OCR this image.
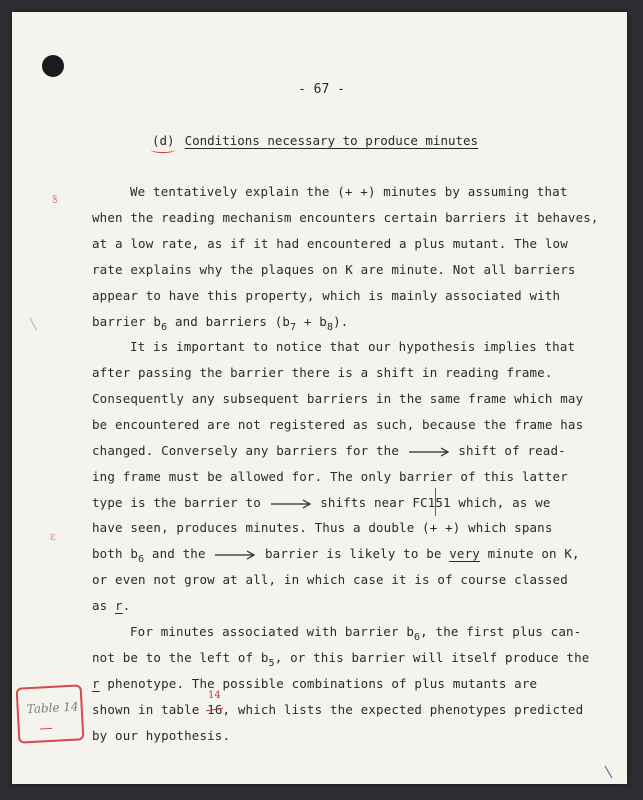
- 67 -
(d) Conditions necessary to produce minutes
We tentatively explain the (+ +) minutes by assuming that
when the reading mechanism encounters certain barriers it behaves,
at a low rate, as if it had encountered a plus mutant. The low
rate explains why the plaques on K are minute. Not all barriers
appear to have this property, which is mainly associated with
barrier $b_6$ and barriers $(b_7 + b_8)$.
It is important to notice that our hypothesis implies that
after passing the barrier there is a shift in reading frame.
Consequently any subsequent barriers in the same frame which may
be encountered are not registered as such, because the frame has
changed. Conversely any barriers for the	shift of read-
ing frame must be allowed for. The only barrier of this latter
type is the barrier to	shifts near FC151 which, as we
have seen, produces minutes. Thus a double (+ +) which spans
both $b_6$ and the	barrier is likely to be very minute on K,
or even not grow at all, in which case it is of course classed
as r.
For minutes associated with barrier $b_6$, the first plus can-
not be to the left of $b_5$, or this barrier will itself produce the
r phenotype. The possible combinations of plus mutants are
shown in table 16, which lists the expected phenotypes predicted
by our hypothesis.
14
ꝸ
ɛ
╲
Table 14
